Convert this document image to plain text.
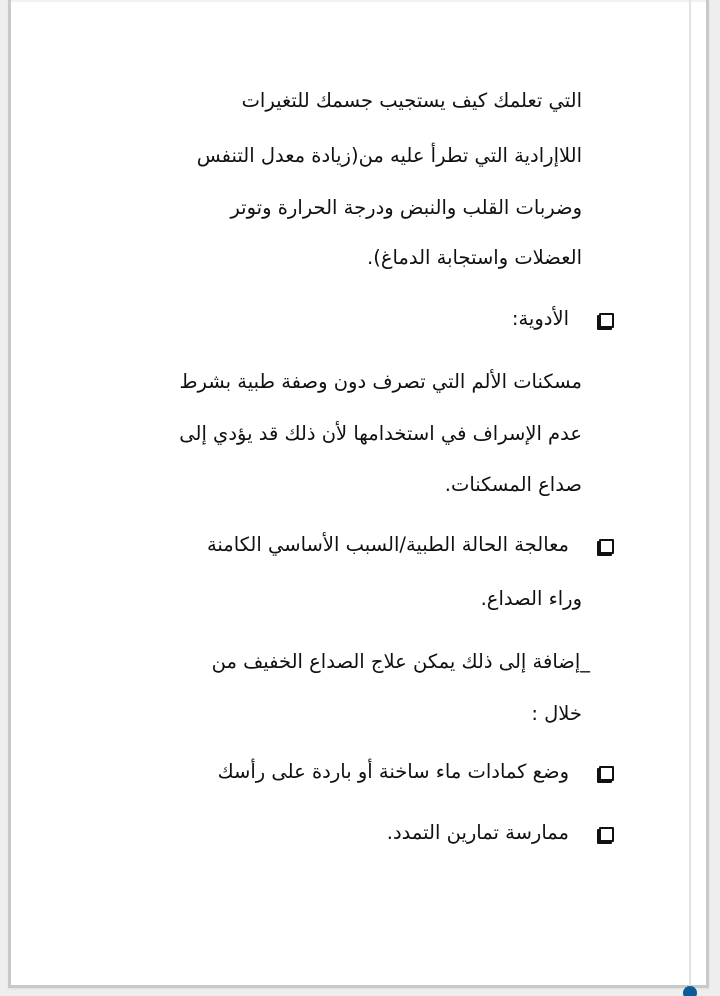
التي تعلمك كيف يستجيب جسمك للتغيرات
اللاإرادية التي تطرأ عليه من(زيادة معدل التنفس
وضربات القلب والنبض ودرجة الحرارة وتوتر
العضلات واستجابة الدماغ).
الأدوية:
مسكنات الألم التي تصرف دون وصفة طبية بشرط
عدم الإسراف في استخدامها لأن ذلك قد يؤدي إلى
صداع المسكنات.
معالجة الحالة الطبية/السبب الأساسي الكامنة
وراء الصداع.
_إضافة إلى ذلك يمكن علاج الصداع الخفيف من
خلال :
وضع كمادات ماء ساخنة أو باردة على رأسك
ممارسة تمارين التمدد.
